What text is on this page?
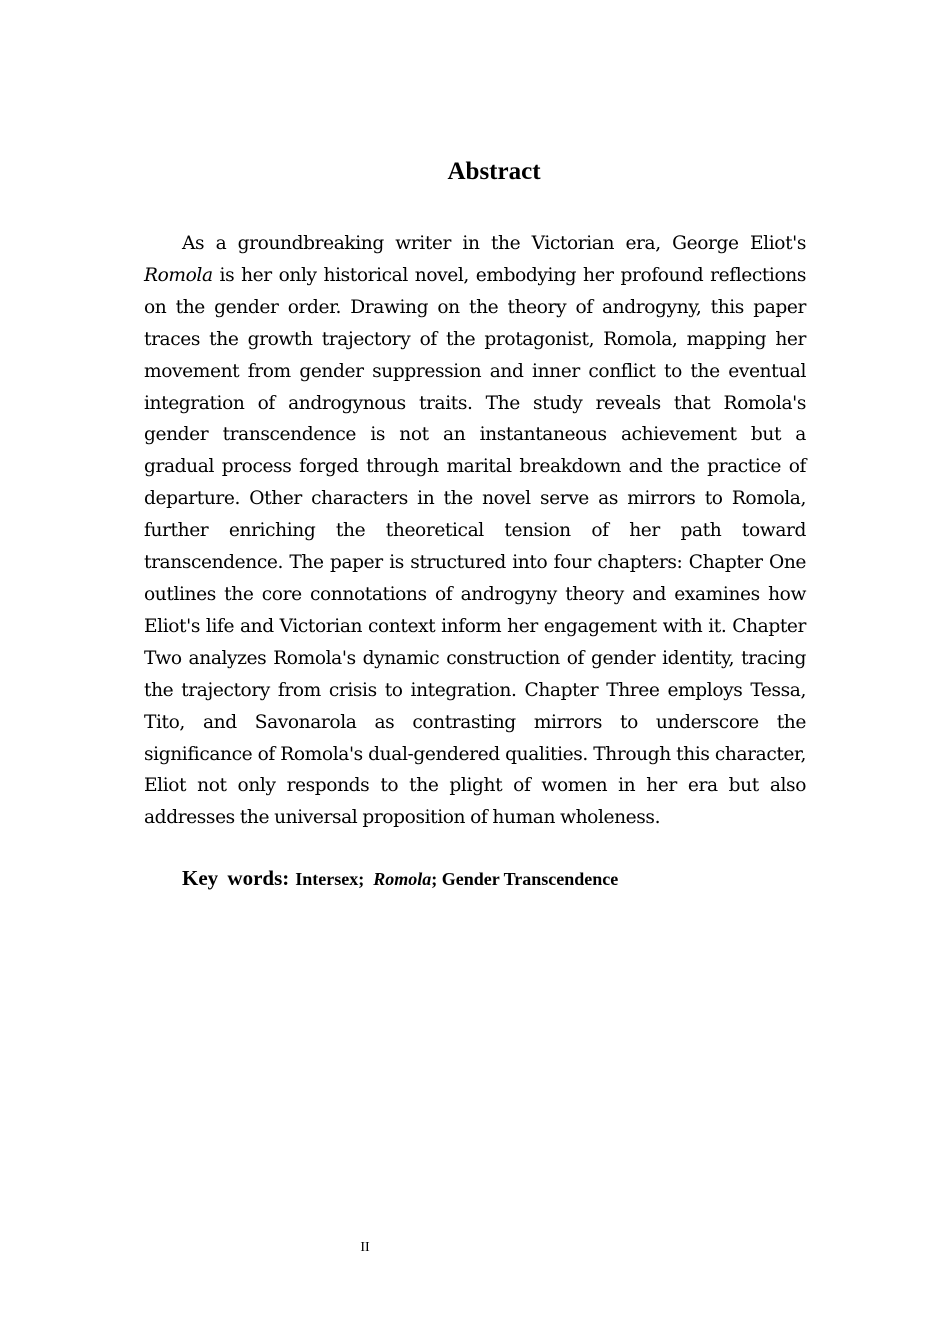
Abstract

As a groundbreaking writer in the Victorian era, George Eliot's Romola is her only historical novel, embodying her profound reflections on the gender order. Drawing on the theory of androgyny, this paper traces the growth trajectory of the protagonist, Romola, mapping her movement from gender suppression and inner conflict to the eventual integration of androgynous traits. The study reveals that Romola's gender transcendence is not an instantaneous achievement but a gradual process forged through marital breakdown and the practice of departure. Other characters in the novel serve as mirrors to Romola, further enriching the theoretical tension of her path toward transcendence. The paper is structured into four chapters: Chapter One outlines the core connotations of androgyny theory and examines how Eliot's life and Victorian context inform her engagement with it. Chapter Two analyzes Romola's dynamic construction of gender identity, tracing the trajectory from crisis to integration. Chapter Three employs Tessa, Tito, and Savonarola as contrasting mirrors to underscore the significance of Romola's dual-gendered qualities. Through this character, Eliot not only responds to the plight of women in her era but also addresses the universal proposition of human wholeness.

Key words: Intersex; Romola; Gender Transcendence

II
